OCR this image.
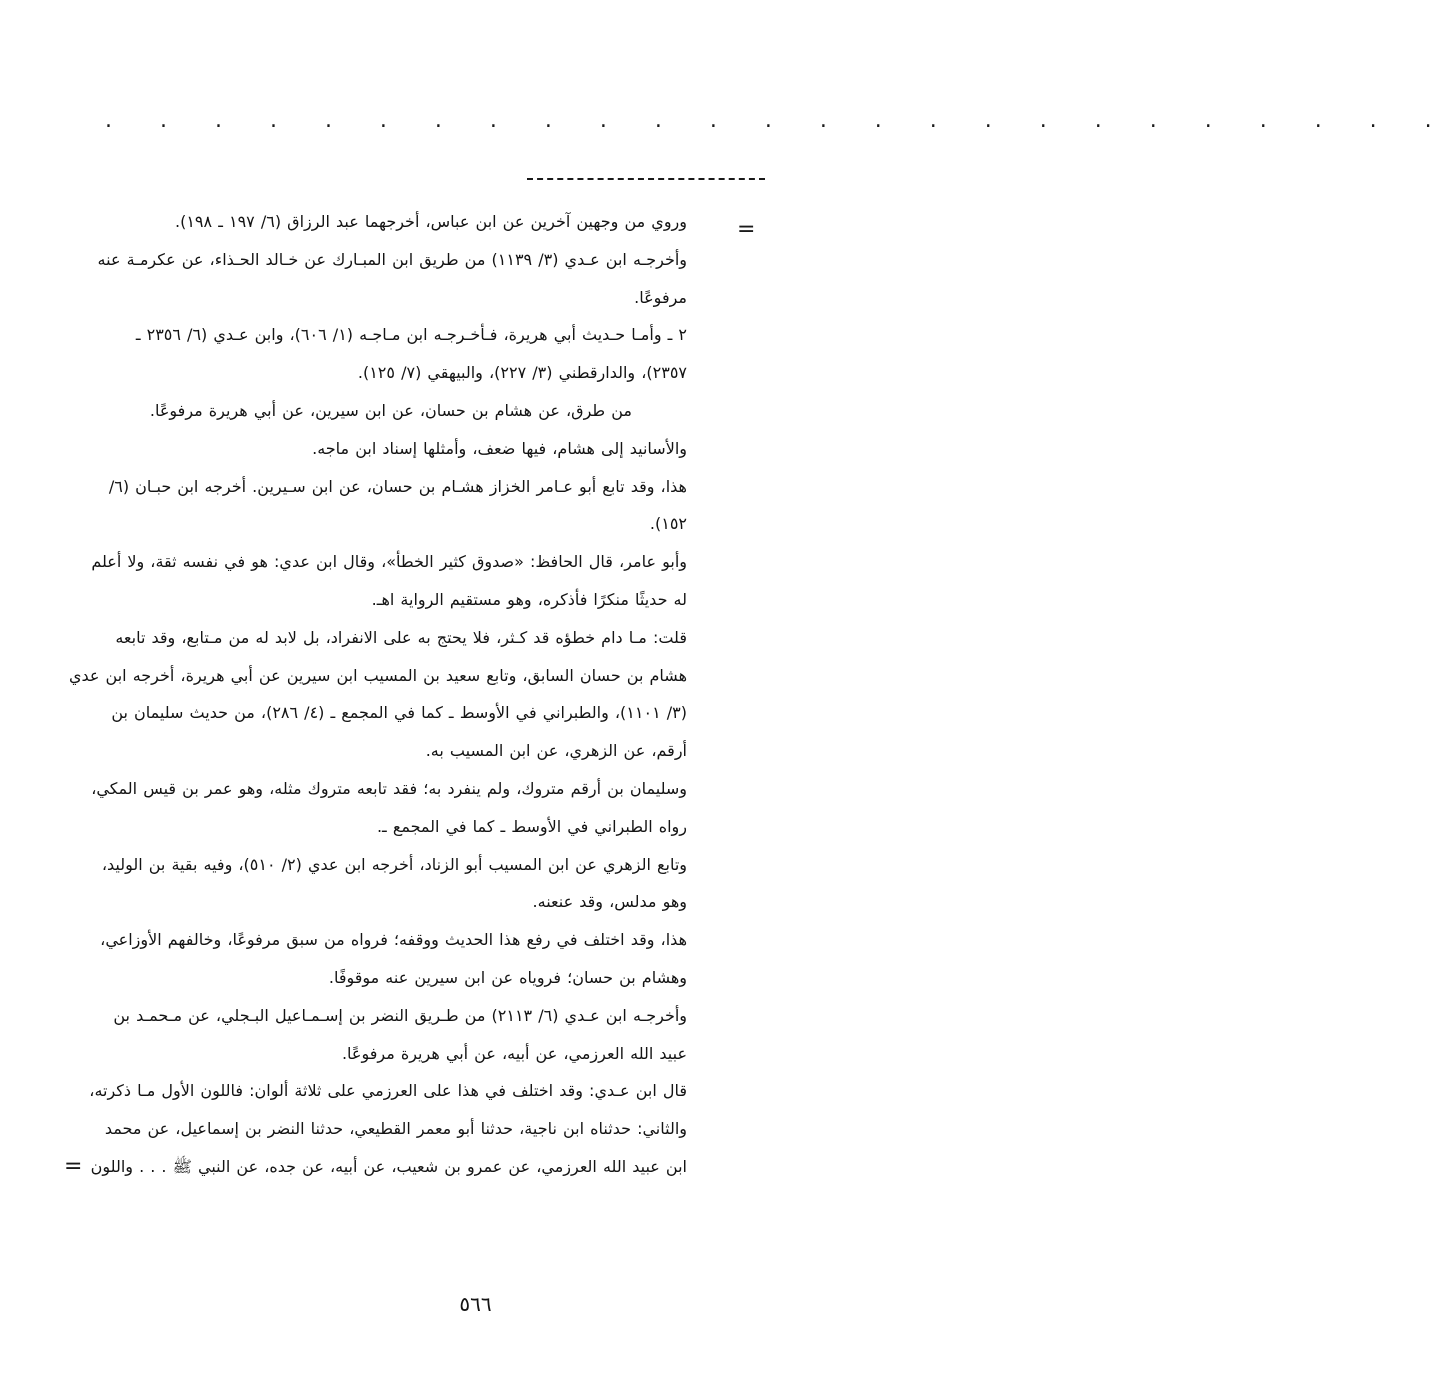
. . . . . . . . . . . . . . . . . . . . . . . . .
=
وروي من وجهين آخرين عن ابن عباس، أخرجهما عبد الرزاق (٦/ ١٩٧ ـ ١٩٨).
وأخرجـه ابن عـدي (٣/ ١١٣٩) من طريق ابن المبـارك عن خـالد الحـذاء، عن عكرمـة عنه
مرفوعًا.
٢ ـ وأمـا حـديث أبي هريرة، فـأخـرجـه ابن مـاجـه (١/ ٦٠٦)، وابن عـدي (٦/ ٢٣٥٦ ـ
٢٣٥٧)، والدارقطني (٣/ ٢٢٧)، والبيهقي (٧/ ١٢٥).
من طرق، عن هشام بن حسان، عن ابن سيرين، عن أبي هريرة مرفوعًا.
والأسانيد إلى هشام، فيها ضعف، وأمثلها إسناد ابن ماجه.
هذا، وقد تابع أبو عـامر الخزاز هشـام بن حسان، عن ابن سـيرين. أخرجه ابن حبـان (٦/
١٥٢).
وأبو عامر، قال الحافظ: «صدوق كثير الخطأ»، وقال ابن عدي: هو في نفسه ثقة، ولا أعلم
له حديثًا منكرًا فأذكره، وهو مستقيم الرواية اهـ.
قلت: مـا دام خطؤه قد كـثر، فلا يحتج به على الانفراد، بل لابد له من مـتابع، وقد تابعه
هشام بن حسان السابق، وتابع سعيد بن المسيب ابن سيرين عن أبي هريرة، أخرجه ابن عدي
(٣/ ١١٠١)، والطبراني في الأوسط ـ كما في المجمع ـ (٤/ ٢٨٦)، من حديث سليمان بن
أرقم، عن الزهري، عن ابن المسيب به.
وسليمان بن أرقم متروك، ولم ينفرد به؛ فقد تابعه متروك مثله، وهو عمر بن قيس المكي،
رواه الطبراني في الأوسط ـ كما في المجمع ـ.
وتابع الزهري عن ابن المسيب أبو الزناد، أخرجه ابن عدي (٢/ ٥١٠)، وفيه بقية بن الوليد،
وهو مدلس، وقد عنعنه.
هذا، وقد اختلف في رفع هذا الحديث ووقفه؛ فرواه من سبق مرفوعًا، وخالفهم الأوزاعي،
وهشام بن حسان؛ فروياه عن ابن سيرين عنه موقوفًا.
وأخرجـه ابن عـدي (٦/ ٢١١٣) من طـريق النضر بن إسـمـاعيل البـجلي، عن مـحمـد بن
عبيد الله العرزمي، عن أبيه، عن أبي هريرة مرفوعًا.
قال ابن عـدي: وقد اختلف في هذا على العرزمي على ثلاثة ألوان: فاللون الأول مـا ذكرته،
والثاني: حدثناه ابن ناجية، حدثنا أبو معمر القطيعي، حدثنا النضر بن إسماعيل، عن محمد
ابن عبيد الله العرزمي، عن عمرو بن شعيب، عن أبيه، عن جده، عن النبي ﷺ . . . واللون
=
٥٦٦
